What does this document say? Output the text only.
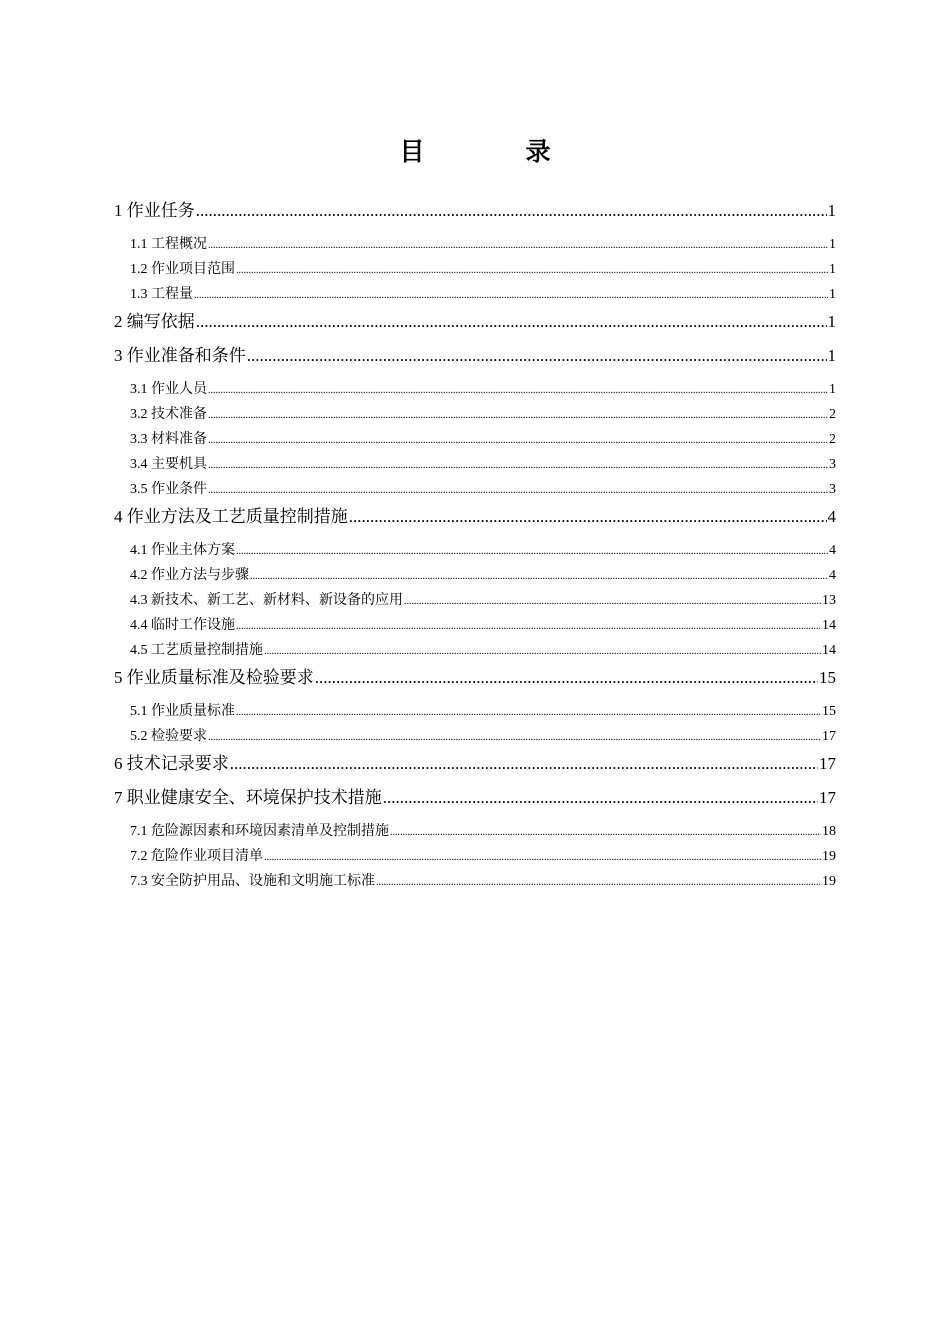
目　录
1 作业任务 .....	1
1.1 工程概况 .....	1
1.2 作业项目范围 .....	1
1.3 工程量 .....	1
2 编写依据 .....	1
3 作业准备和条件 .....	1
3.1 作业人员 .....	1
3.2 技术准备 .....	2
3.3 材料准备 .....	2
3.4 主要机具 .....	3
3.5 作业条件 .....	3
4 作业方法及工艺质量控制措施 .....	4
4.1 作业主体方案 .....	4
4.2 作业方法与步骤 .....	4
4.3 新技术、新工艺、新材料、新设备的应用 .....	13
4.4 临时工作设施 .....	14
4.5 工艺质量控制措施 .....	14
5 作业质量标准及检验要求 .....	15
5.1 作业质量标准 .....	15
5.2 检验要求 .....	17
6 技术记录要求 .....	17
7 职业健康安全、环境保护技术措施 .....	17
7.1 危险源因素和环境因素清单及控制措施 .....	18
7.2 危险作业项目清单 .....	19
7.3 安全防护用品、设施和文明施工标准 .....	19
